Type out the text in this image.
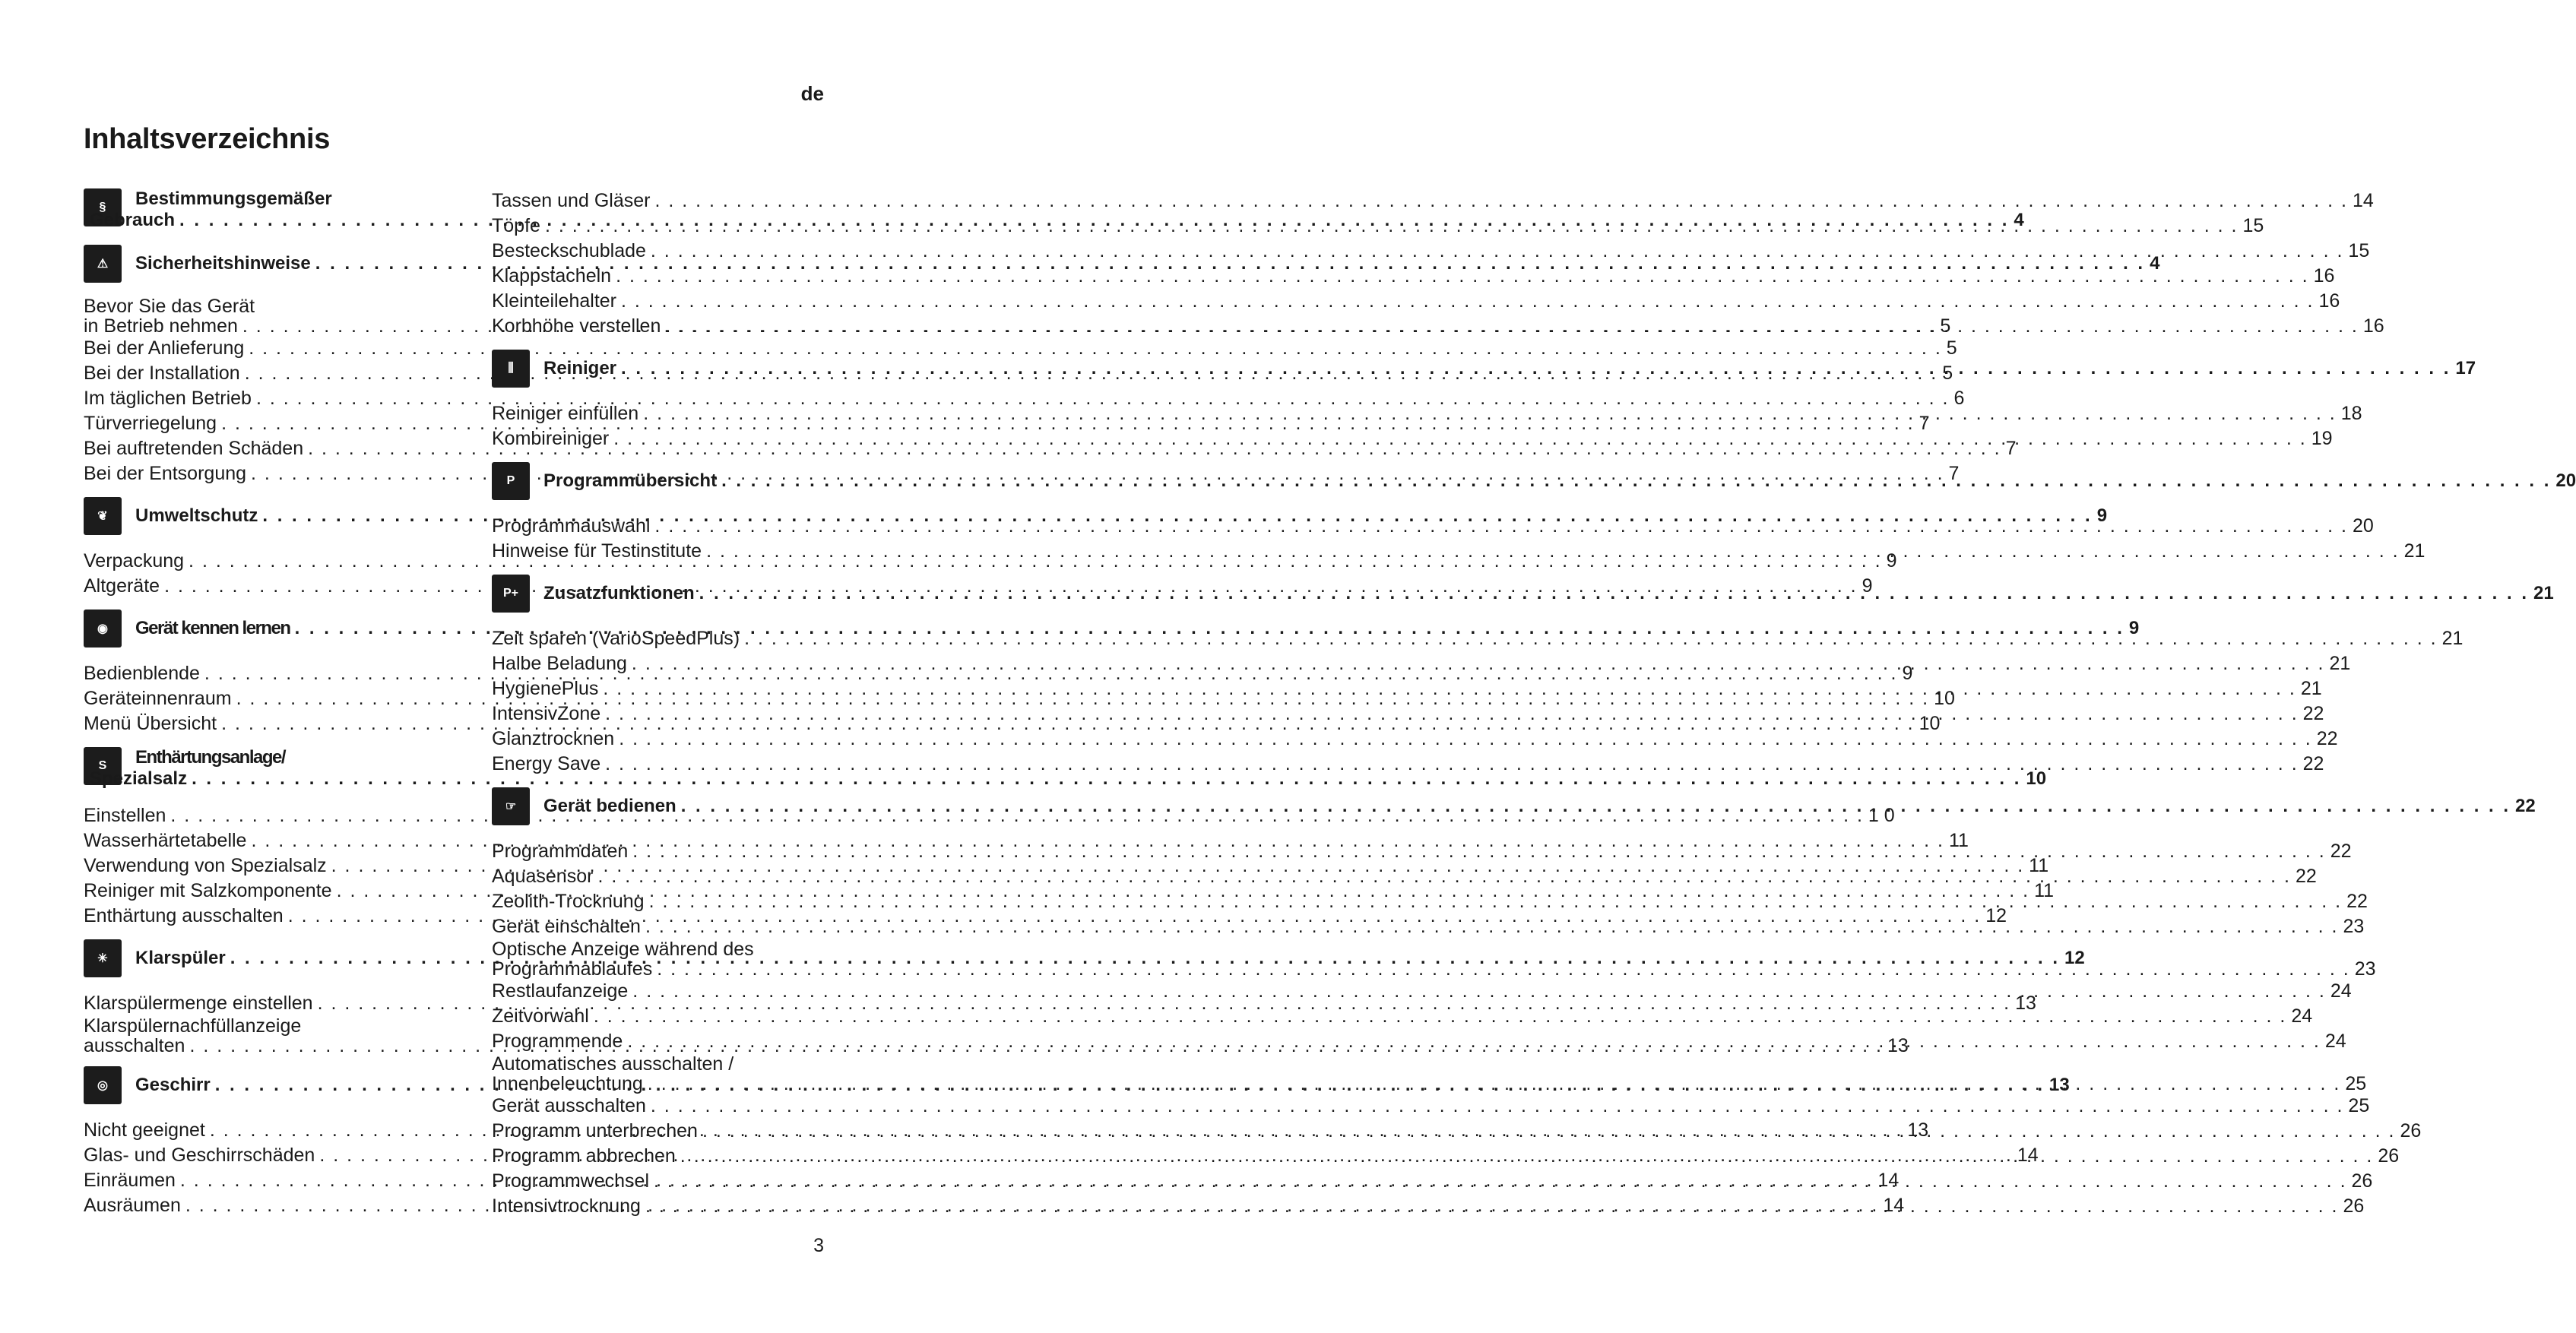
de
Inhaltsverzeichnis
§	Bestimmungsgemäßer
Gebrauch . . .	4
⚠	Sicherheitshinweise . . .	4
Bevor Sie das Gerät
in Betrieb nehmen . . .	5
Bei der Anlieferung . . .	5
Bei der Installation . . .	5
Im täglichen Betrieb . . .	6
Türverriegelung . . .	7
Bei auftretenden Schäden . . .	7
Bei der Entsorgung . . .	7
❦	Umweltschutz . . .	9
Verpackung . . .	9
Altgeräte . . .	9
◉	Gerät kennen lernen . . .	9
Bedienblende . . .	9
Geräteinnenraum . . .	10
Menü Übersicht . . .	10
S	Enthärtungsanlage/
Spezialsalz . . .	10
Einstellen . . .	1 0
Wasserhärtetabelle . . .	11
Verwendung von Spezialsalz . . .	11
Reiniger mit Salzkomponente . . .	11
Enthärtung ausschalten . . .	12
✳	Klarspüler . . .	12
Klarspülermenge einstellen . . .	13
Klarspülernachfüllanzeige
ausschalten . . .	13
◎	Geschirr . . .	13
Nicht geeignet . . .	13
Glas- und Geschirrschäden . . .	14
Einräumen . . .	14
Ausräumen . . .	14
Tassen und Gläser . . .	14
Töpfe . . .	15
Besteckschublade . . .	15
Klappstacheln . . .	16
Kleinteilehalter . . .	16
Korbhöhe verstellen . . .	16
⫼	Reiniger . . .	17
Reiniger einfüllen . . .	18
Kombireiniger . . .	19
P	Programmübersicht . . .	20
Programmauswahl . . .	20
Hinweise für Testinstitute . . .	21
P+	Zusatzfunktionen . . .	21
Zeit sparen (VarioSpeedPlus) . . .	21
Halbe Beladung . . .	21
HygienePlus . . .	21
IntensivZone . . .	22
Glanztrocknen . . .	22
Energy Save . . .	22
☞	Gerät bedienen . . .	22
Programmdaten . . .	22
Aquasensor . . .	22
Zeolith-Trocknung . . .	22
Gerät einschalten . . .	23
Optische Anzeige während des
Programmablaufes . . .	23
Restlaufanzeige . . .	24
Zeitvorwahl . . .	24
Programmende . . .	24
Automatisches ausschalten /
Innenbeleuchtung . . .	25
Gerät ausschalten . . .	25
Programm unterbrechen . . .	26
Programm abbrechen . . .	26
Programmwechsel . . .	26
Intensivtrocknung . . .	26
3
